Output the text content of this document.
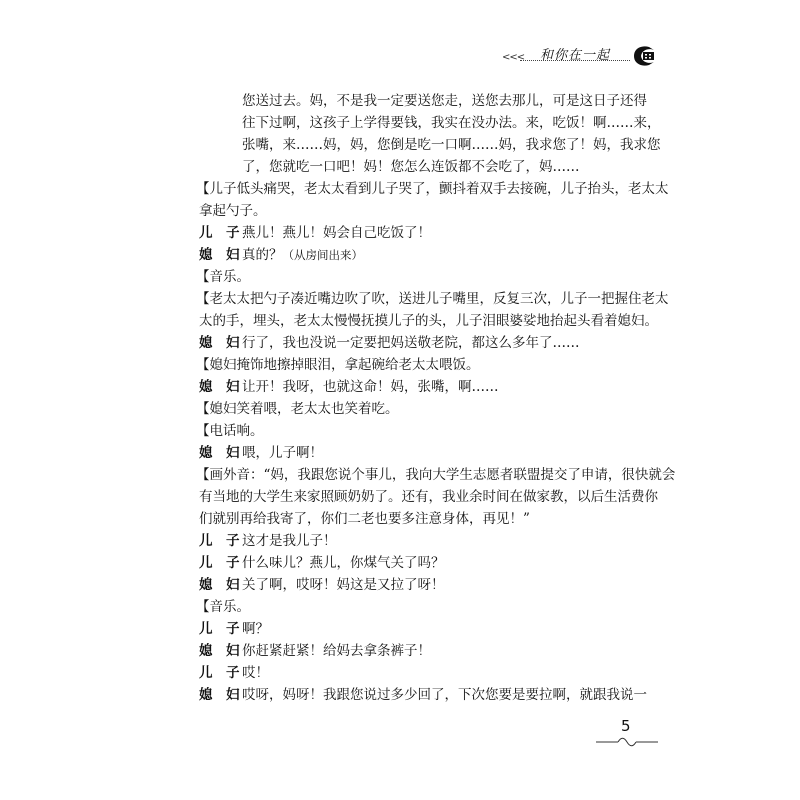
<<< 和你在一起
您送过去。妈，不是我一定要送您走，送您去那儿，可是这日子还得
往下过啊，这孩子上学得要钱，我实在没办法。来，吃饭！啊……来，
张嘴，来……妈，妈，您倒是吃一口啊……妈，我求您了！妈，我求您
了，您就吃一口吧！妈！您怎么连饭都不会吃了，妈……
【儿子低头痛哭，老太太看到儿子哭了，颤抖着双手去接碗，儿子抬头，老太太
拿起勺子。
儿　子 燕儿！燕儿！妈会自己吃饭了！
媳　妇 真的？（从房间出来）
【音乐。
【老太太把勺子凑近嘴边吹了吹，送进儿子嘴里，反复三次，儿子一把握住老太
太的手，埋头，老太太慢慢抚摸儿子的头，儿子泪眼婆娑地抬起头看着媳妇。
媳　妇 行了，我也没说一定要把妈送敬老院，都这么多年了……
【媳妇掩饰地擦掉眼泪，拿起碗给老太太喂饭。
媳　妇 让开！我呀，也就这命！妈，张嘴，啊……
【媳妇笑着喂，老太太也笑着吃。
【电话响。
媳　妇 喂，儿子啊！
【画外音：“妈，我跟您说个事儿，我向大学生志愿者联盟提交了申请，很快就会
有当地的大学生来家照顾奶奶了。还有，我业余时间在做家教，以后生活费你
们就别再给我寄了，你们二老也要多注意身体，再见！”
儿　子 这才是我儿子！
儿　子 什么味儿？燕儿，你煤气关了吗？
媳　妇 关了啊，哎呀！妈这是又拉了呀！
【音乐。
儿　子 啊？
媳　妇 你赶紧赶紧！给妈去拿条裤子！
儿　子 哎！
媳　妇 哎呀，妈呀！我跟您说过多少回了，下次您要是要拉啊，就跟我说一
5
